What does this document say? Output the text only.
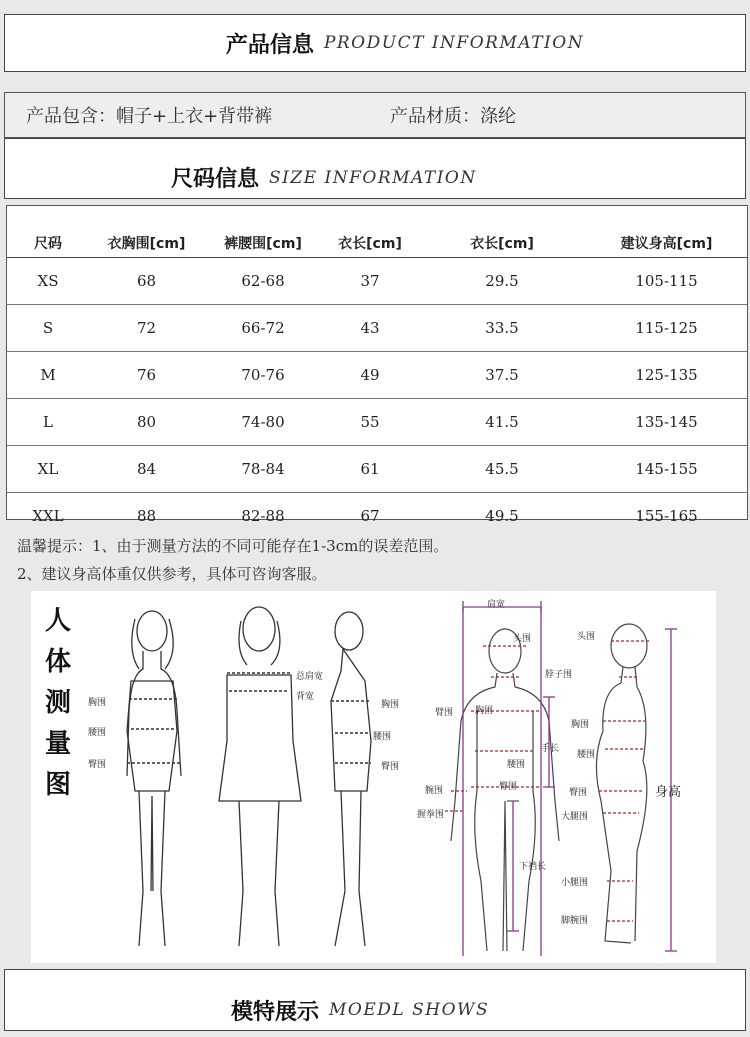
产品信息 PRODUCT INFORMATION
产品包含：帽子+上衣+背带裤	产品材质：涤纶
尺码信息 SIZE INFORMATION
尺码	衣胸围[cm]	裤腰围[cm]	衣长[cm]	衣长[cm]	建议身高[cm]
XS	68	62-68	37	29.5	105-115
S	72	66-72	43	33.5	115-125
M	76	70-76	49	37.5	125-135
L	80	74-80	55	41.5	135-145
XL	84	78-84	61	45.5	145-155
XXL	88	82-88	67	49.5	155-165
温馨提示：1、由于测量方法的不同可能存在1-3cm的误差范围。
2、建议身高体重仅供参考，具体可咨询客服。
人
体
测
量
图
胸围
腰围
臀围
总肩宽
背宽
胸围
腰围
臀围
肩宽
头围
脖子围
臂围 胸围
手长
腰围
臀围
腕围
握拳围
下裆长
头围
胸围
腰围
臀围
大腿围
小腿围
脚腕围
身高
模特展示 MOEDL SHOWS
